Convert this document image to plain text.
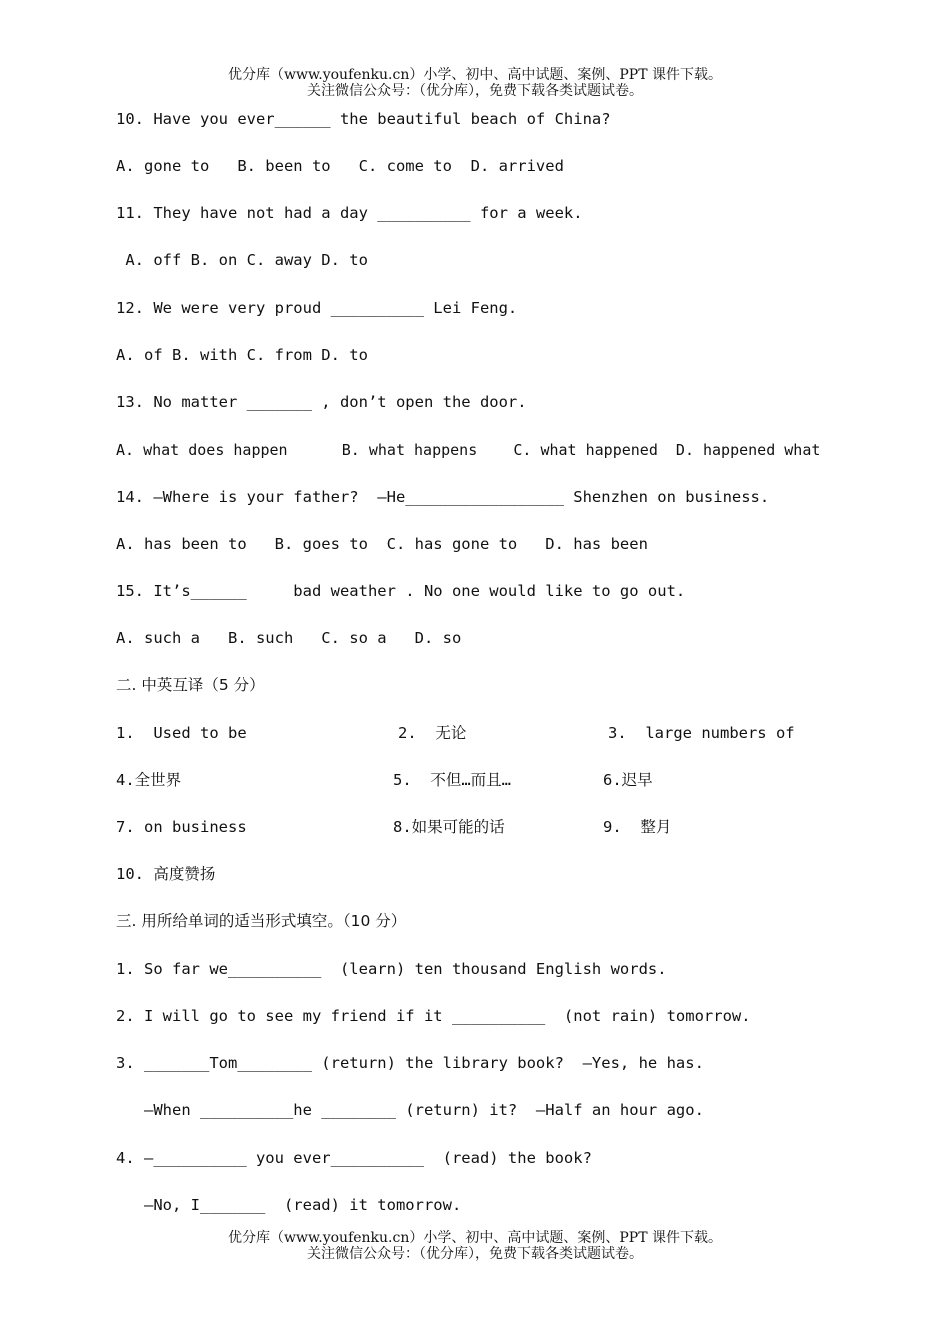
优分库（www.youfenku.cn）小学、初中、高中试题、案例、PPT 课件下载。
关注微信公众号：（优分库），免费下载各类试题试卷。
10. Have you ever______ the beautiful beach of China?
A. gone to   B. been to   C. come to  D. arrived
11. They have not had a day __________ for a week.
A. off B. on C. away D. to
12. We were very proud __________ Lei Feng.
A. of B. with C. from D. to
13. No matter _______ , don’t open the door.
A. what does happen      B. what happens    C. what happened  D. happened what
14. —Where is your father?  —He_________________ Shenzhen on business.
A. has been to   B. goes to  C. has gone to   D. has been
15. It’s______     bad weather . No one would like to go out.
A. such a   B. such   C. so a   D. so
二. 中英互译（5 分）
1.  Used to be	2.  无论	3.  large numbers of
4.全世界	5.  不但…而且…	6.迟早
7. on business	8.如果可能的话	9.  整月
10. 高度赞扬
三. 用所给单词的适当形式填空。（10 分）
1. So far we__________  (learn) ten thousand English words.
2. I will go to see my friend if it __________  (not rain) tomorrow.
3. _______Tom________ (return) the library book?  —Yes, he has.
—When __________he ________ (return) it?  —Half an hour ago.
4. —__________ you ever__________  (read) the book?
—No, I_______  (read) it tomorrow.
优分库（www.youfenku.cn）小学、初中、高中试题、案例、PPT 课件下载。
关注微信公众号：（优分库），免费下载各类试题试卷。
